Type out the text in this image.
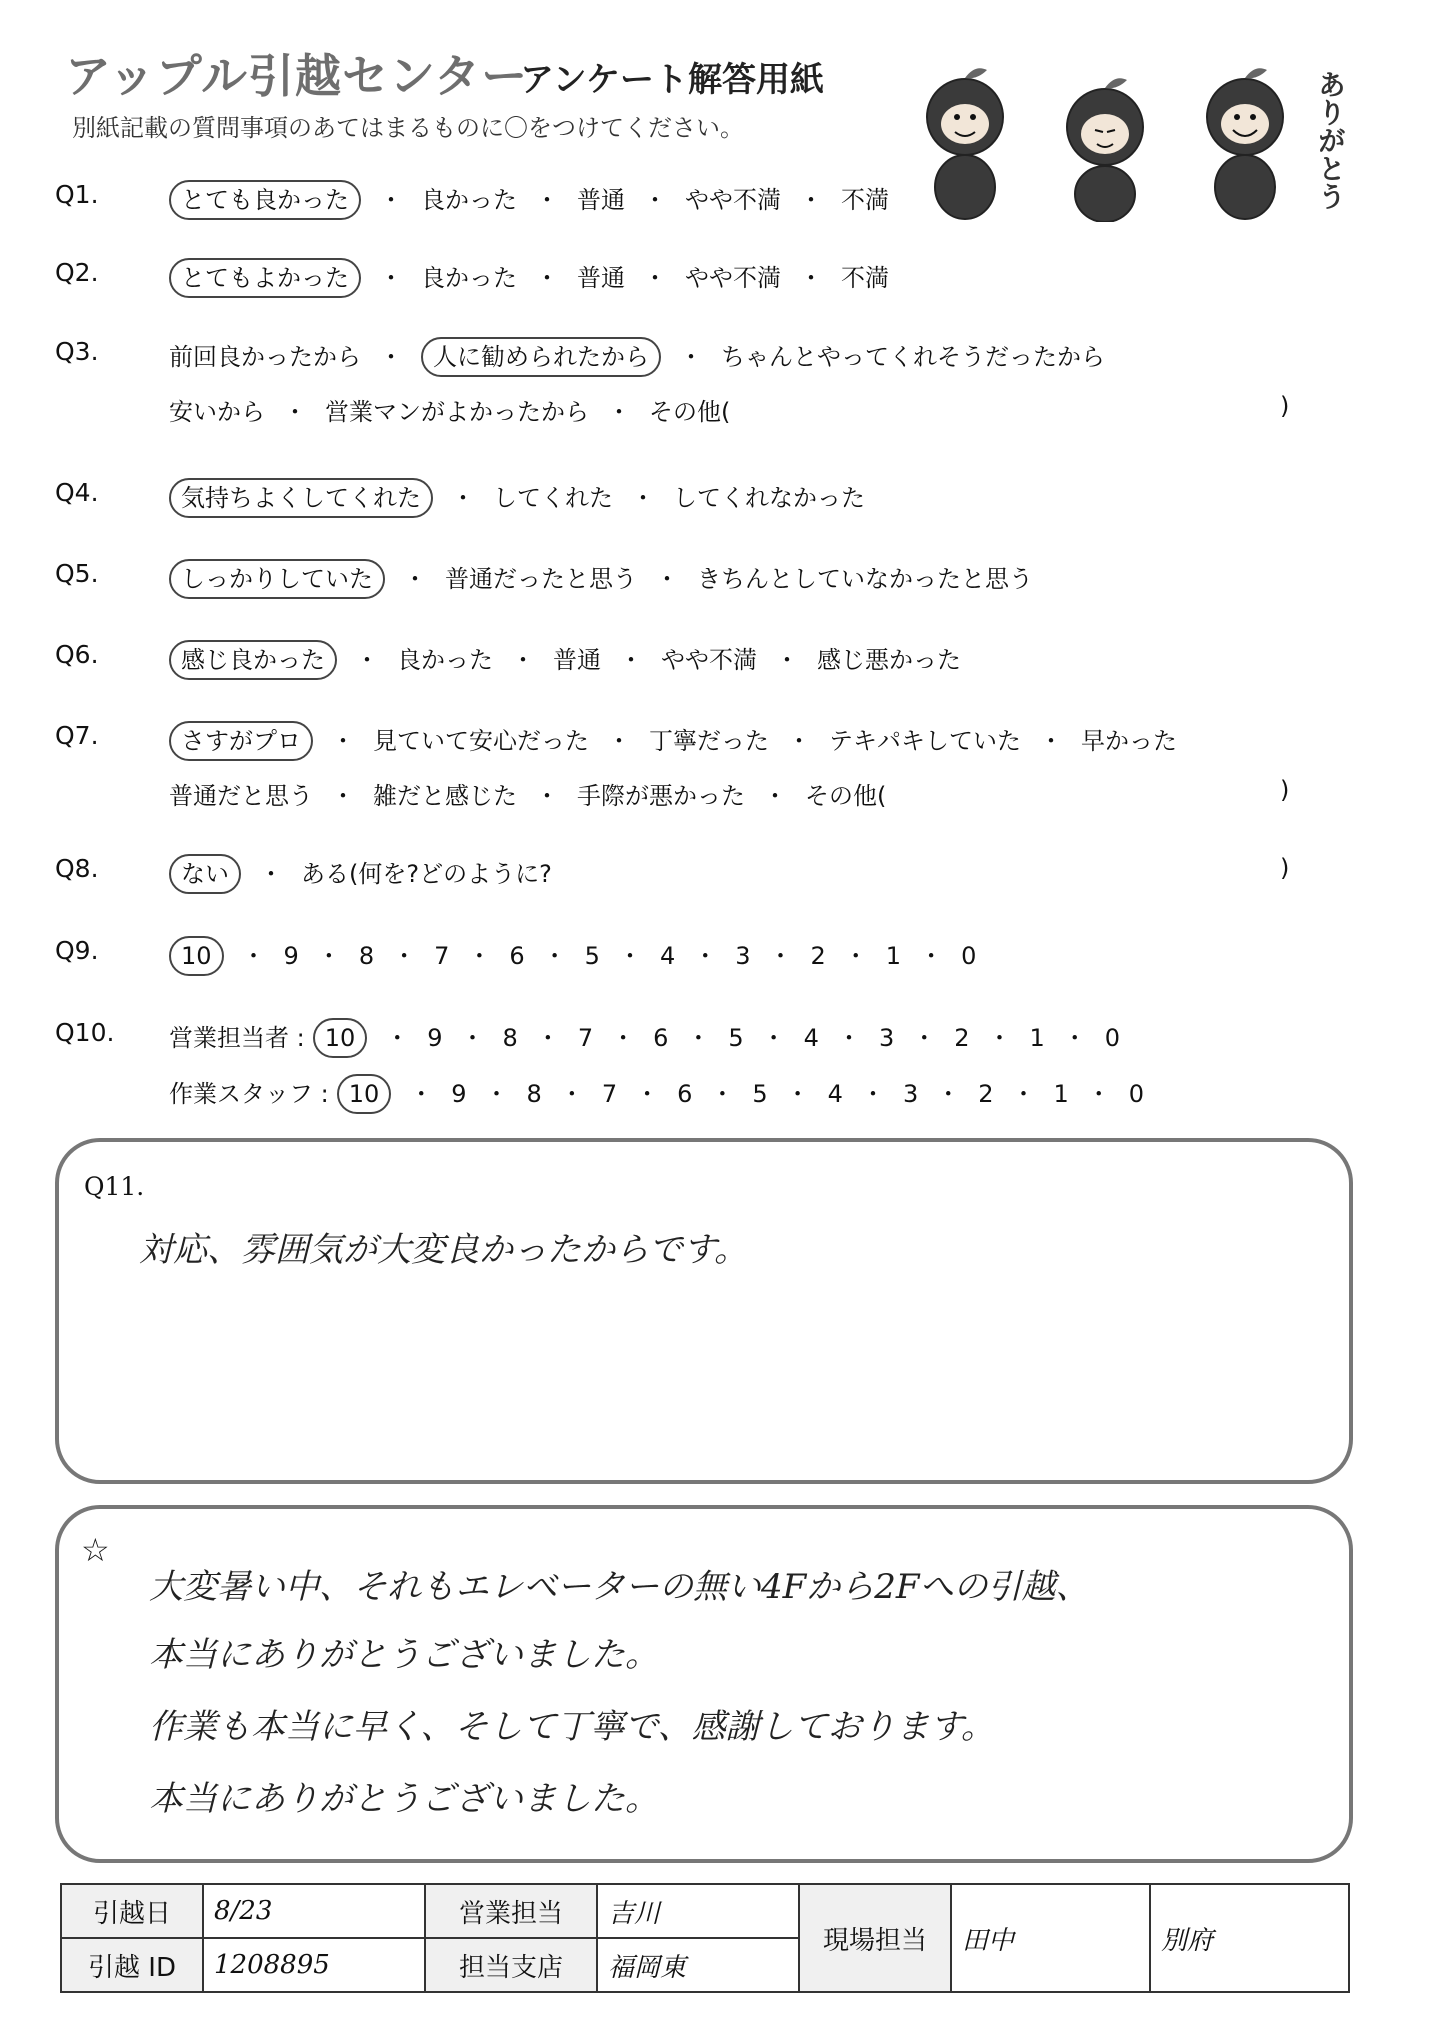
アップル引越センター
アンケート解答用紙
別紙記載の質問事項のあてはまるものに〇をつけてください。	ありがとう
Q1.	とても良かった ・ 良かった ・ 普通 ・ やや不満 ・ 不満
Q2.	とてもよかった ・ 良かった ・ 普通 ・ やや不満 ・ 不満
Q3.	前回良かったから ・ 人に勧められたから ・ ちゃんとやってくれそうだったから
安いから ・ 営業マンがよかったから ・ その他(	)
Q4.	気持ちよくしてくれた ・ してくれた ・ してくれなかった
Q5.	しっかりしていた ・ 普通だったと思う ・ きちんとしていなかったと思う
Q6.	感じ良かった ・ 良かった ・ 普通 ・ やや不満 ・ 感じ悪かった
Q7.	さすがプロ ・ 見ていて安心だった ・ 丁寧だった ・ テキパキしていた ・ 早かった
普通だと思う ・ 雑だと感じた ・ 手際が悪かった ・ その他(	)
Q8.	ない ・ ある(何を?どのように?	)
Q9.	10 ・ 9 ・ 8 ・ 7 ・ 6 ・ 5 ・ 4 ・ 3 ・ 2 ・ 1 ・ 0
Q10.	営業担当者 : 10 ・ 9 ・ 8 ・ 7 ・ 6 ・ 5 ・ 4 ・ 3 ・ 2 ・ 1 ・ 0
作業スタッフ : 10 ・ 9 ・ 8 ・ 7 ・ 6 ・ 5 ・ 4 ・ 3 ・ 2 ・ 1 ・ 0
Q11.
対応、雰囲気が大変良かったからです。
☆
大変暑い中、それもエレベーターの無い4Fから2Fへの引越、
本当にありがとうございました。
作業も本当に早く、そして丁寧で、感謝しております。
本当にありがとうございました。
引越日	8/23	営業担当	吉川	現場担当	田中	別府
引越 ID	1208895	担当支店	福岡東			
